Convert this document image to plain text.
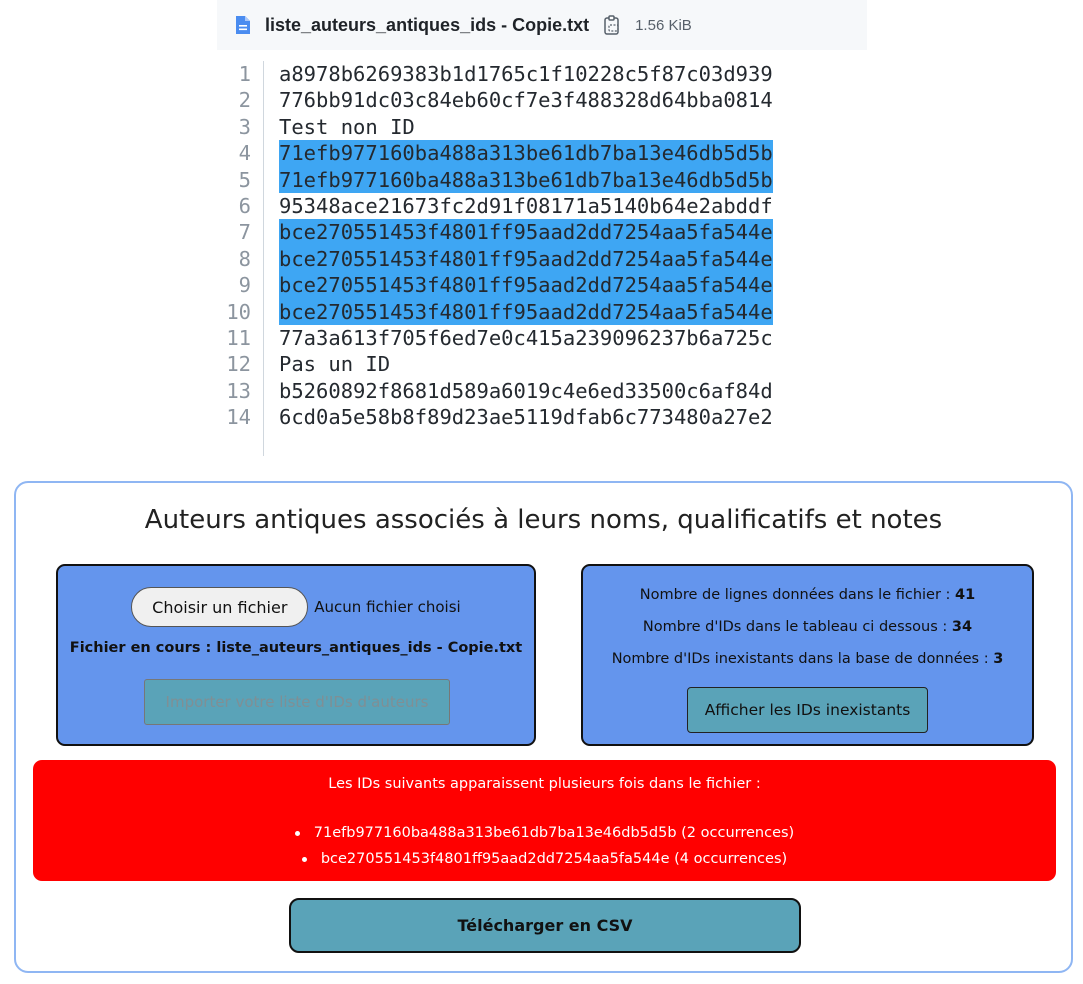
liste_auteurs_antiques_ids - Copie.txt	1.56 KiB
1 a8978b6269383b1d1765c1f10228c5f87c03d939
2 776bb91dc03c84eb60cf7e3f488328d64bba0814
3 Test non ID
4 71efb977160ba488a313be61db7ba13e46db5d5b
5 71efb977160ba488a313be61db7ba13e46db5d5b
6 95348ace21673fc2d91f08171a5140b64e2abddf
7 bce270551453f4801ff95aad2dd7254aa5fa544e
8 bce270551453f4801ff95aad2dd7254aa5fa544e
9 bce270551453f4801ff95aad2dd7254aa5fa544e
10 bce270551453f4801ff95aad2dd7254aa5fa544e
11 77a3a613f705f6ed7e0c415a239096237b6a725c
12 Pas un ID
13 b5260892f8681d589a6019c4e6ed33500c6af84d
14 6cd0a5e58b8f89d23ae5119dfab6c773480a27e2
Auteurs antiques associés à leurs noms, qualificatifs et notes
Choisir un fichier	Aucun fichier choisi
Fichier en cours : liste_auteurs_antiques_ids - Copie.txt
Importer votre liste d'IDs d'auteurs
Nombre de lignes données dans le fichier : 41
Nombre d'IDs dans le tableau ci dessous : 34
Nombre d'IDs inexistants dans la base de données : 3
Afficher les IDs inexistants
Les IDs suivants apparaissent plusieurs fois dans le fichier :
71efb977160ba488a313be61db7ba13e46db5d5b (2 occurrences)
bce270551453f4801ff95aad2dd7254aa5fa544e (4 occurrences)
Télécharger en CSV
